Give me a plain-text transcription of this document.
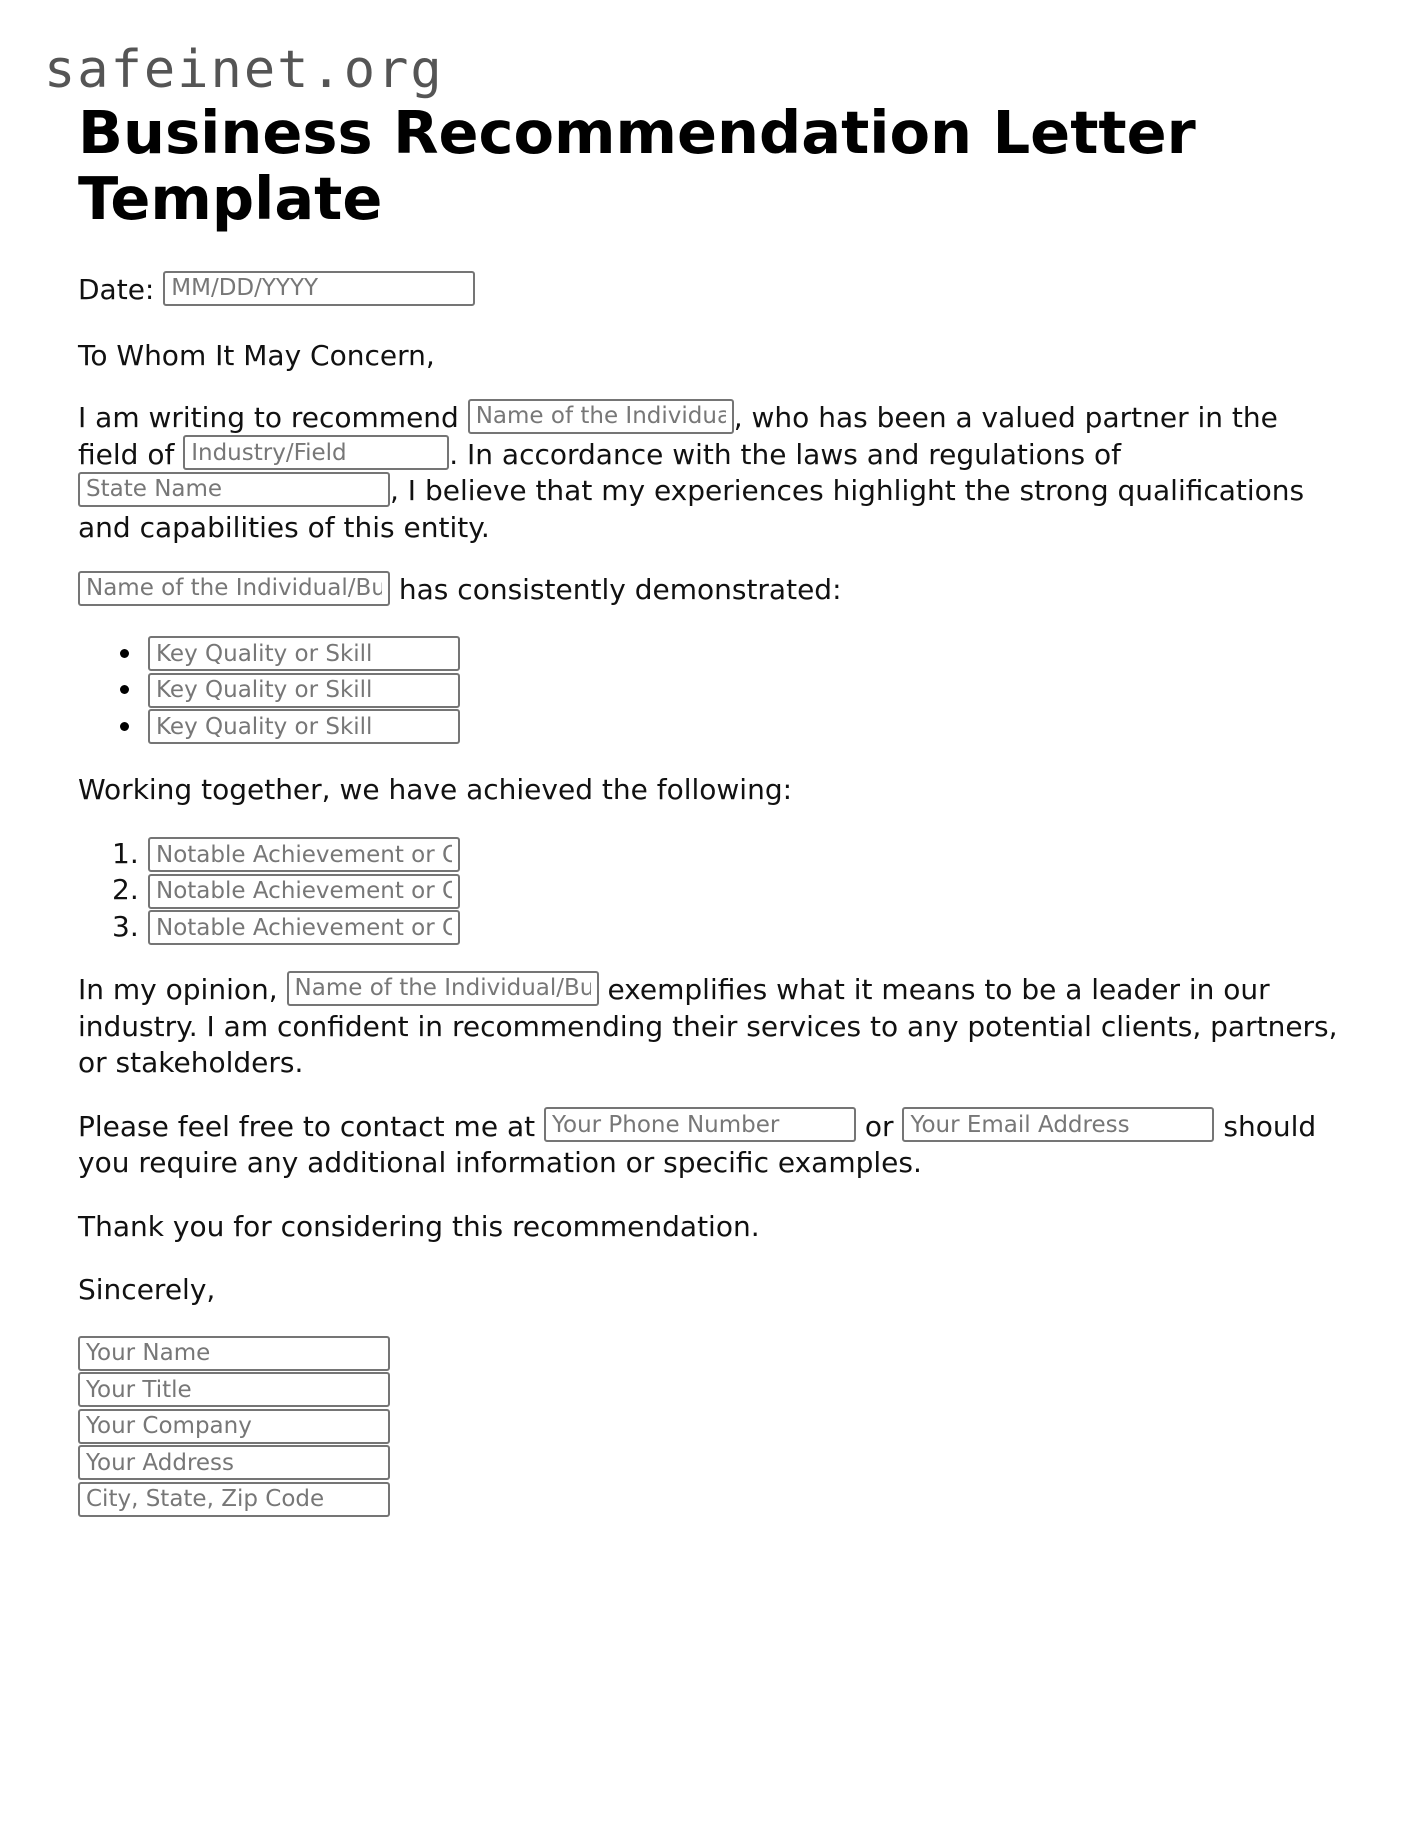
safeinet.org
Business Recommendation Letter Template

Date: MM/DD/YYYY

To Whom It May Concern,

I am writing to recommend Name of the Individual/Business	, who has been a valued partner in the field of Industry/Field	. In accordance with the laws and regulations of State Name, I believe that my experiences highlight the strong qualifications and capabilities of this entity.

Name of the Individual/Business has consistently demonstrated:

Key Quality or Skill
Key Quality or Skill
Key Quality or Skill

Working together, we have achieved the following:

1.
Notable Achievement or Outcome
2.
Notable Achievement or Outcome
3.
Notable Achievement or Outcome

In my opinion, Name of the Individual/Business	exemplifies what it means to be a leader in our industry. I am confident in recommending their services to any potential clients, partners, or stakeholders.

Please feel free to contact me at Your Phone Number	or Your Email Address	should you require any additional information or specific examples.

Thank you for considering this recommendation.

Sincerely,

Your Name
Your Title
Your Company
Your Address
City, State, Zip Code
